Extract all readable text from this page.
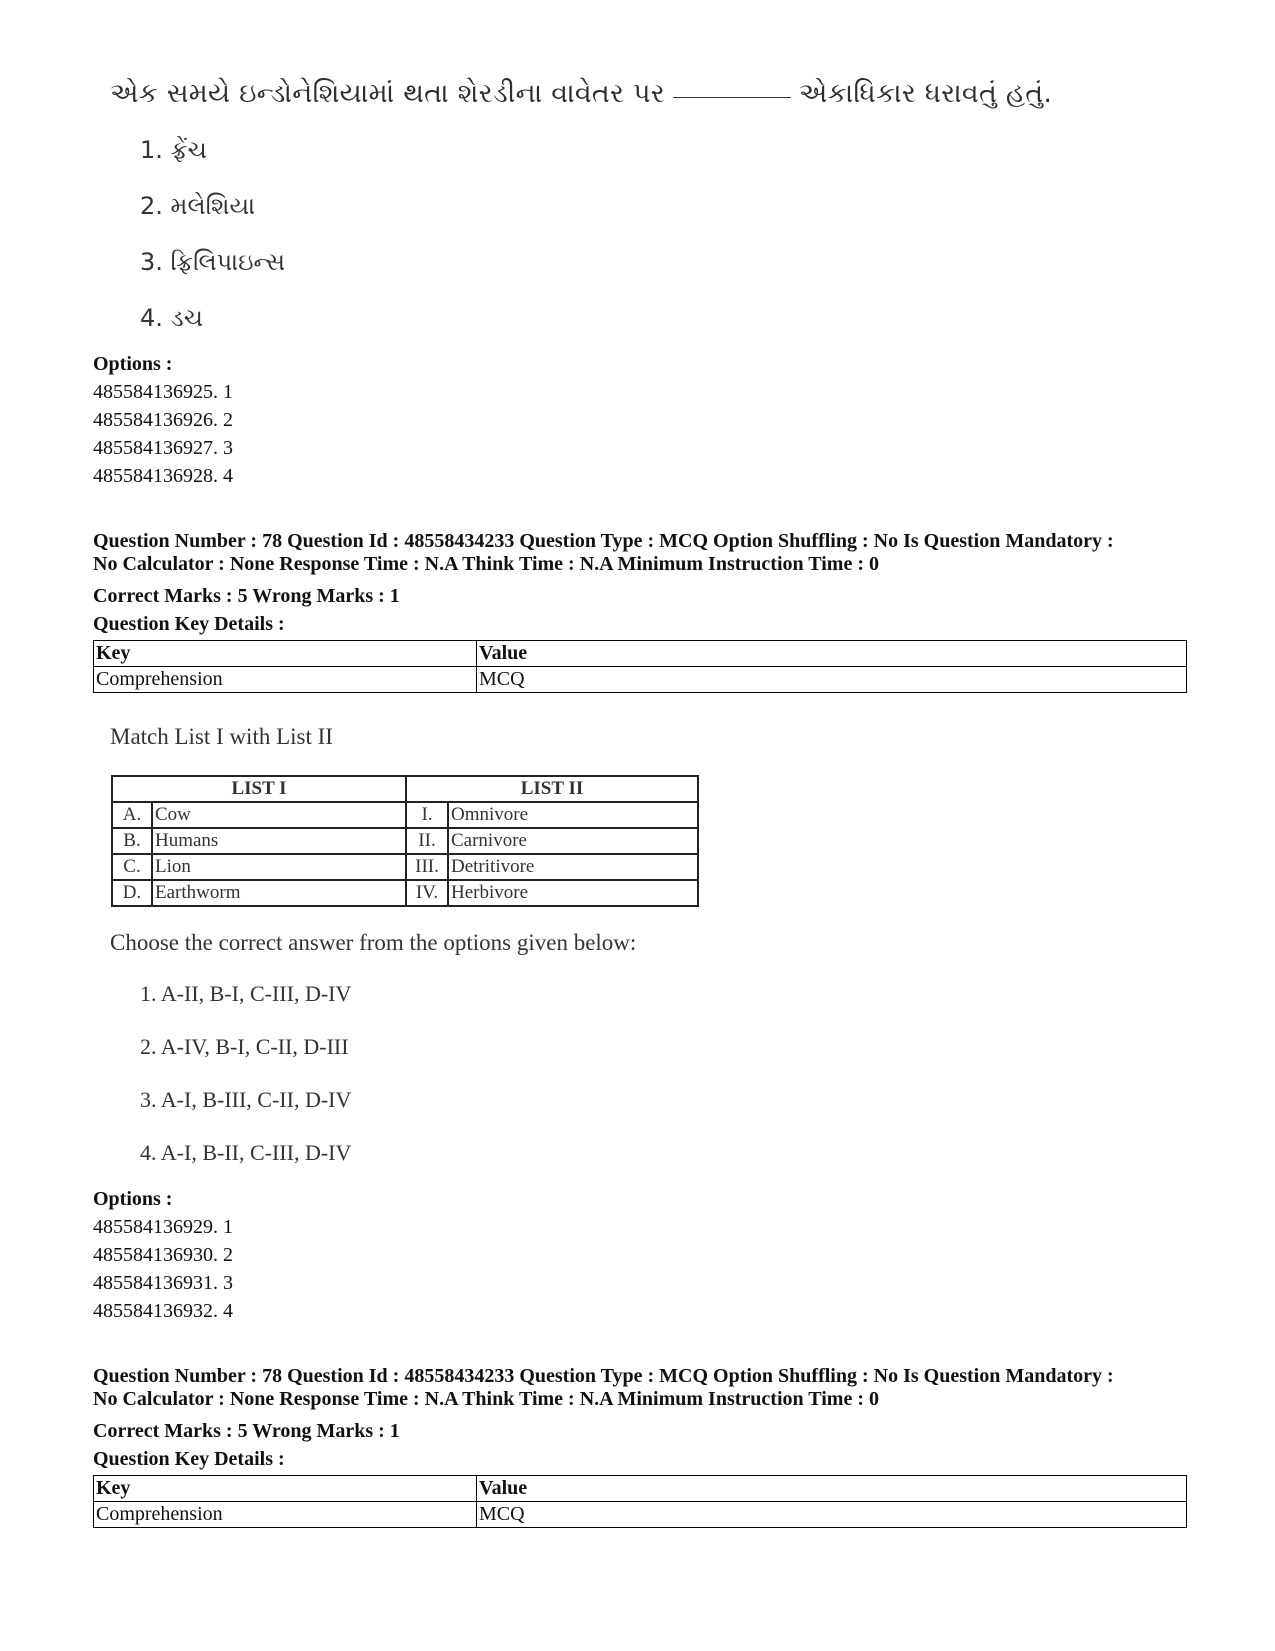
એક સમયે ઇન્ડોનેશિયામાં થતા શેરડીના વાવેતર પર	એકાધિકાર ધરાવતું હતું.
1. ફ્રેંચ
2. મલેશિયા
3. ફ્રિલિપાઇન્સ
4. ડચ
Options :
485584136925. 1
485584136926. 2
485584136927. 3
485584136928. 4
Question Number : 78 Question Id : 48558434233 Question Type : MCQ Option Shuffling : No Is Question Mandatory :
No Calculator : None Response Time : N.A Think Time : N.A Minimum Instruction Time : 0
Correct Marks : 5 Wrong Marks : 1
Question Key Details :
Key	Value
Comprehension	MCQ
Match List I with List II
LIST I		LIST II	
A.	Cow	I.	Omnivore
B.	Humans	II.	Carnivore
C.	Lion	III.	Detritivore
D.	Earthworm	IV.	Herbivore
Choose the correct answer from the options given below:
1. A-II, B-I, C-III, D-IV
2. A-IV, B-I, C-II, D-III
3. A-I, B-III, C-II, D-IV
4. A-I, B-II, C-III, D-IV
Options :
485584136929. 1
485584136930. 2
485584136931. 3
485584136932. 4
Question Number : 78 Question Id : 48558434233 Question Type : MCQ Option Shuffling : No Is Question Mandatory :
No Calculator : None Response Time : N.A Think Time : N.A Minimum Instruction Time : 0
Correct Marks : 5 Wrong Marks : 1
Question Key Details :
Key	Value
Comprehension	MCQ
